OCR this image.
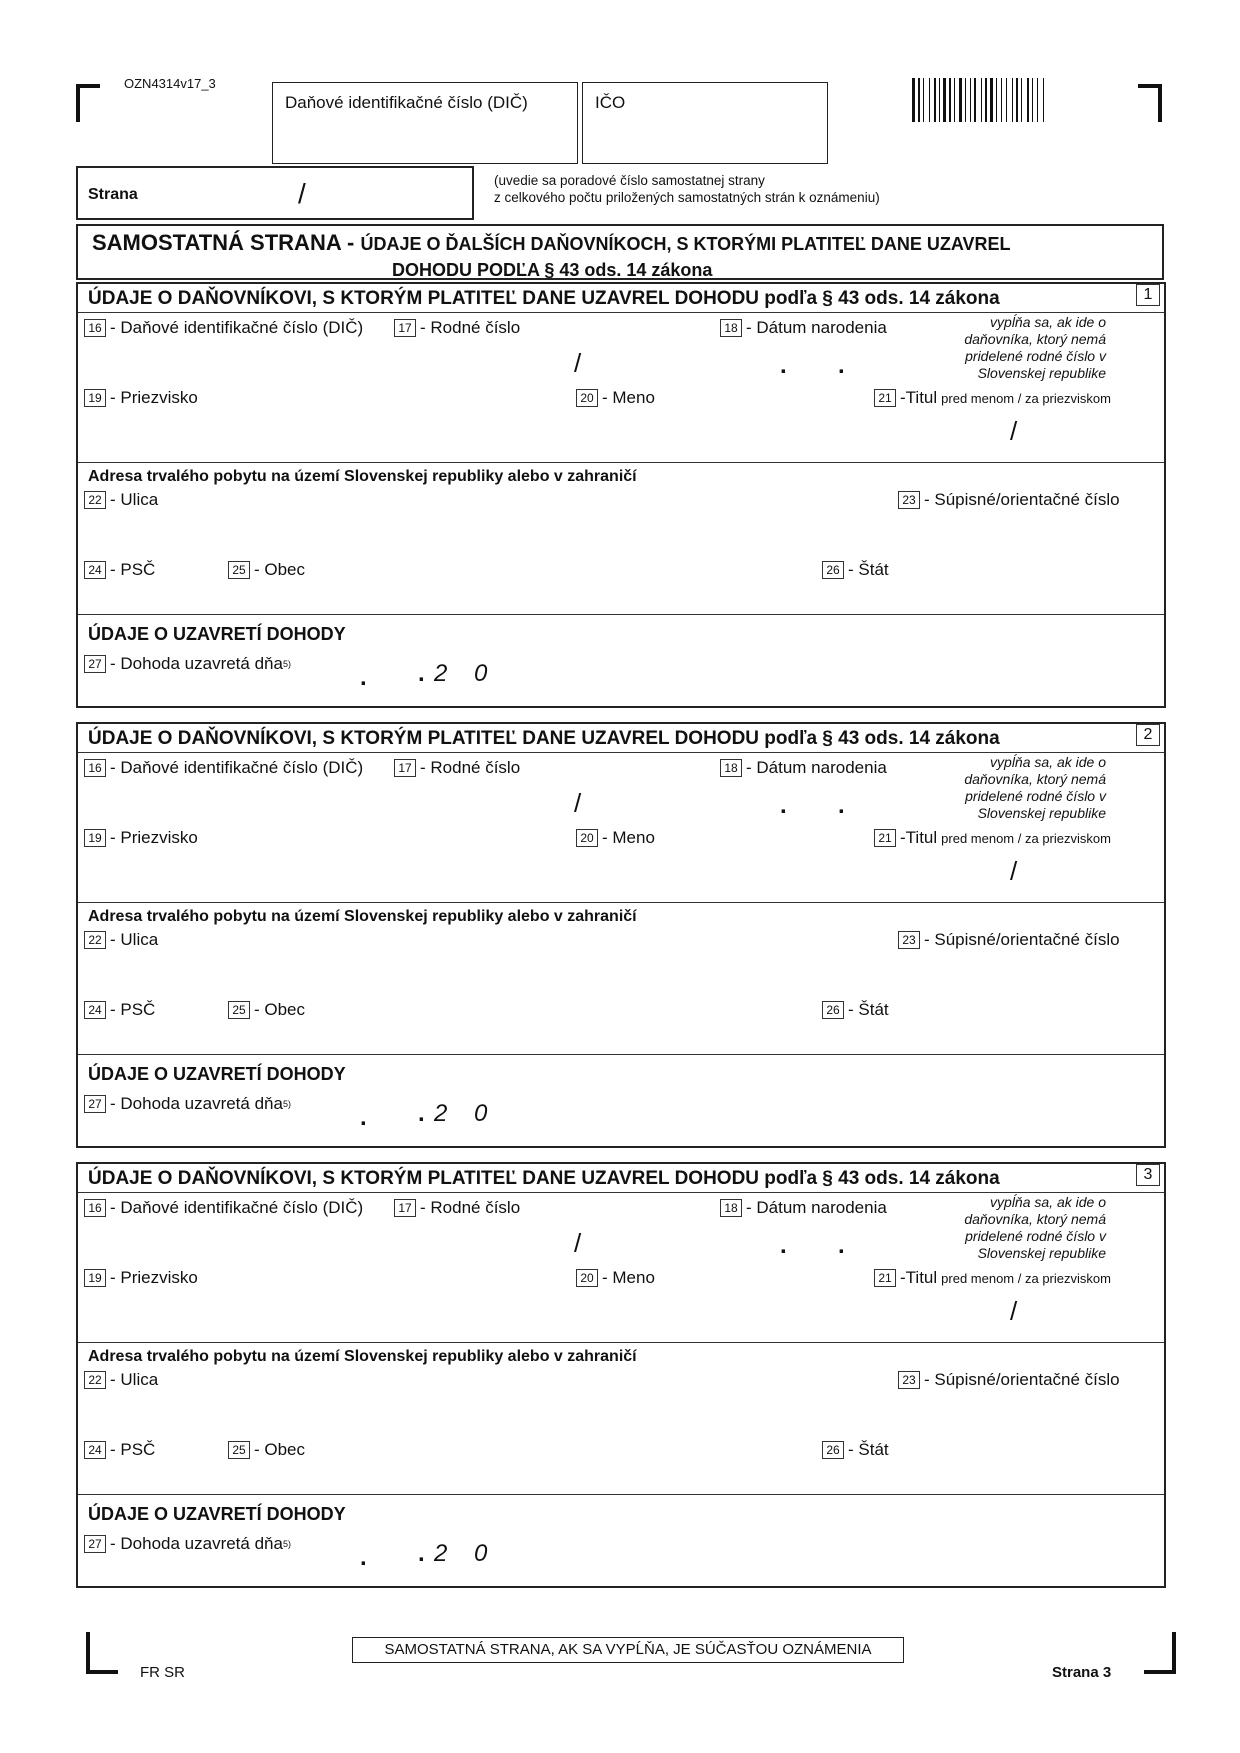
OZN4314v17_3
Daňové identifikačné číslo (DIČ)	IČO
Strana	/	(uvedie sa poradové číslo samostatnej strany
z celkového počtu priložených samostatných strán k oznámeniu)
SAMOSTATNÁ STRANA - ÚDAJE O ĎALŠÍCH DAŇOVNÍKOCH, S KTORÝMI PLATITEĽ DANE UZAVREL
DOHODU PODĽA § 43 ods. 14 zákona
ÚDAJE O DAŇOVNÍKOVI, S KTORÝM PLATITEĽ DANE UZAVREL DOHODU podľa § 43 ods. 14 zákona	1
16 - Daňové identifikačné číslo (DIČ)	17 - Rodné číslo
/
18 - Dátum narodenia
. .
vypĺňa sa, ak ide o daňovníka, ktorý nemá pridelené rodné číslo v Slovenskej republike
19 - Priezvisko	20 - Meno	21 -Titul pred menom / za priezviskom
/
Adresa trvalého pobytu na území Slovenskej republiky alebo v zahraničí
22 - Ulica	23 - Súpisné/orientačné číslo
24 - PSČ	25 - Obec	26 - Štát
ÚDAJE O UZAVRETÍ DOHODY
27 - Dohoda uzavretá dňa 5)	. . 2 0
ÚDAJE O DAŇOVNÍKOVI, S KTORÝM PLATITEĽ DANE UZAVREL DOHODU podľa § 43 ods. 14 zákona	2
16 - Daňové identifikačné číslo (DIČ)	17 - Rodné číslo
/
18 - Dátum narodenia
. .
vypĺňa sa, ak ide o daňovníka, ktorý nemá pridelené rodné číslo v Slovenskej republike
19 - Priezvisko	20 - Meno	21 -Titul pred menom / za priezviskom
/
Adresa trvalého pobytu na území Slovenskej republiky alebo v zahraničí
22 - Ulica	23 - Súpisné/orientačné číslo
24 - PSČ	25 - Obec	26 - Štát
ÚDAJE O UZAVRETÍ DOHODY
27 - Dohoda uzavretá dňa 5)	. . 2 0
ÚDAJE O DAŇOVNÍKOVI, S KTORÝM PLATITEĽ DANE UZAVREL DOHODU podľa § 43 ods. 14 zákona	3
16 - Daňové identifikačné číslo (DIČ)	17 - Rodné číslo
/
18 - Dátum narodenia
. .
vypĺňa sa, ak ide o daňovníka, ktorý nemá pridelené rodné číslo v Slovenskej republike
19 - Priezvisko	20 - Meno	21 -Titul pred menom / za priezviskom
/
Adresa trvalého pobytu na území Slovenskej republiky alebo v zahraničí
22 - Ulica	23 - Súpisné/orientačné číslo
24 - PSČ	25 - Obec	26 - Štát
ÚDAJE O UZAVRETÍ DOHODY
27 - Dohoda uzavretá dňa 5)	. . 2 0
SAMOSTATNÁ STRANA, AK SA VYPĹŇA, JE SÚČASŤOU OZNÁMENIA
FR SR	Strana 3
